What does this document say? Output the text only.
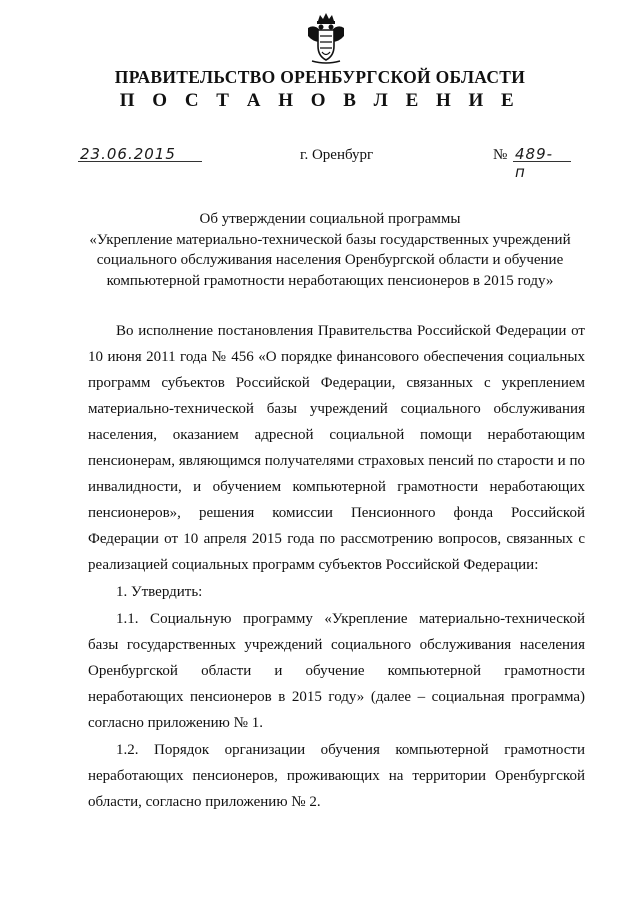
ПРАВИТЕЛЬСТВО ОРЕНБУРГСКОЙ ОБЛАСТИ
П О С Т А Н О В Л Е Н И Е
23.06.2015	г. Оренбург	№ 489-п
Об утверждении социальной программы
«Укрепление материально-технической базы государственных учреждений
социального обслуживания населения Оренбургской области и обучение
компьютерной грамотности неработающих пенсионеров в 2015 году»

Во исполнение постановления Правительства Российской Федерации от 10 июня 2011 года № 456 «О порядке финансового обеспечения социальных программ субъектов Российской Федерации, связанных с укреплением материально-технической базы учреждений социального обслуживания населения, оказанием адресной социальной помощи неработающим пенсионерам, являющимся получателями страховых пенсий по старости и по инвалидности, и обучением компьютерной грамотности неработающих пенсионеров», решения комиссии Пенсионного фонда Российской Федерации от 10 апреля 2015 года по рассмотрению вопросов, связанных с реализацией социальных программ субъектов Российской Федерации:

1. Утвердить:

1.1. Социальную программу «Укрепление материально-технической базы государственных учреждений социального обслуживания населения Оренбургской области и обучение компьютерной грамотности неработающих пенсионеров в 2015 году» (далее – социальная программа) согласно приложению № 1.

1.2. Порядок организации обучения компьютерной грамотности неработающих пенсионеров, проживающих на территории Оренбургской области, согласно приложению № 2.
